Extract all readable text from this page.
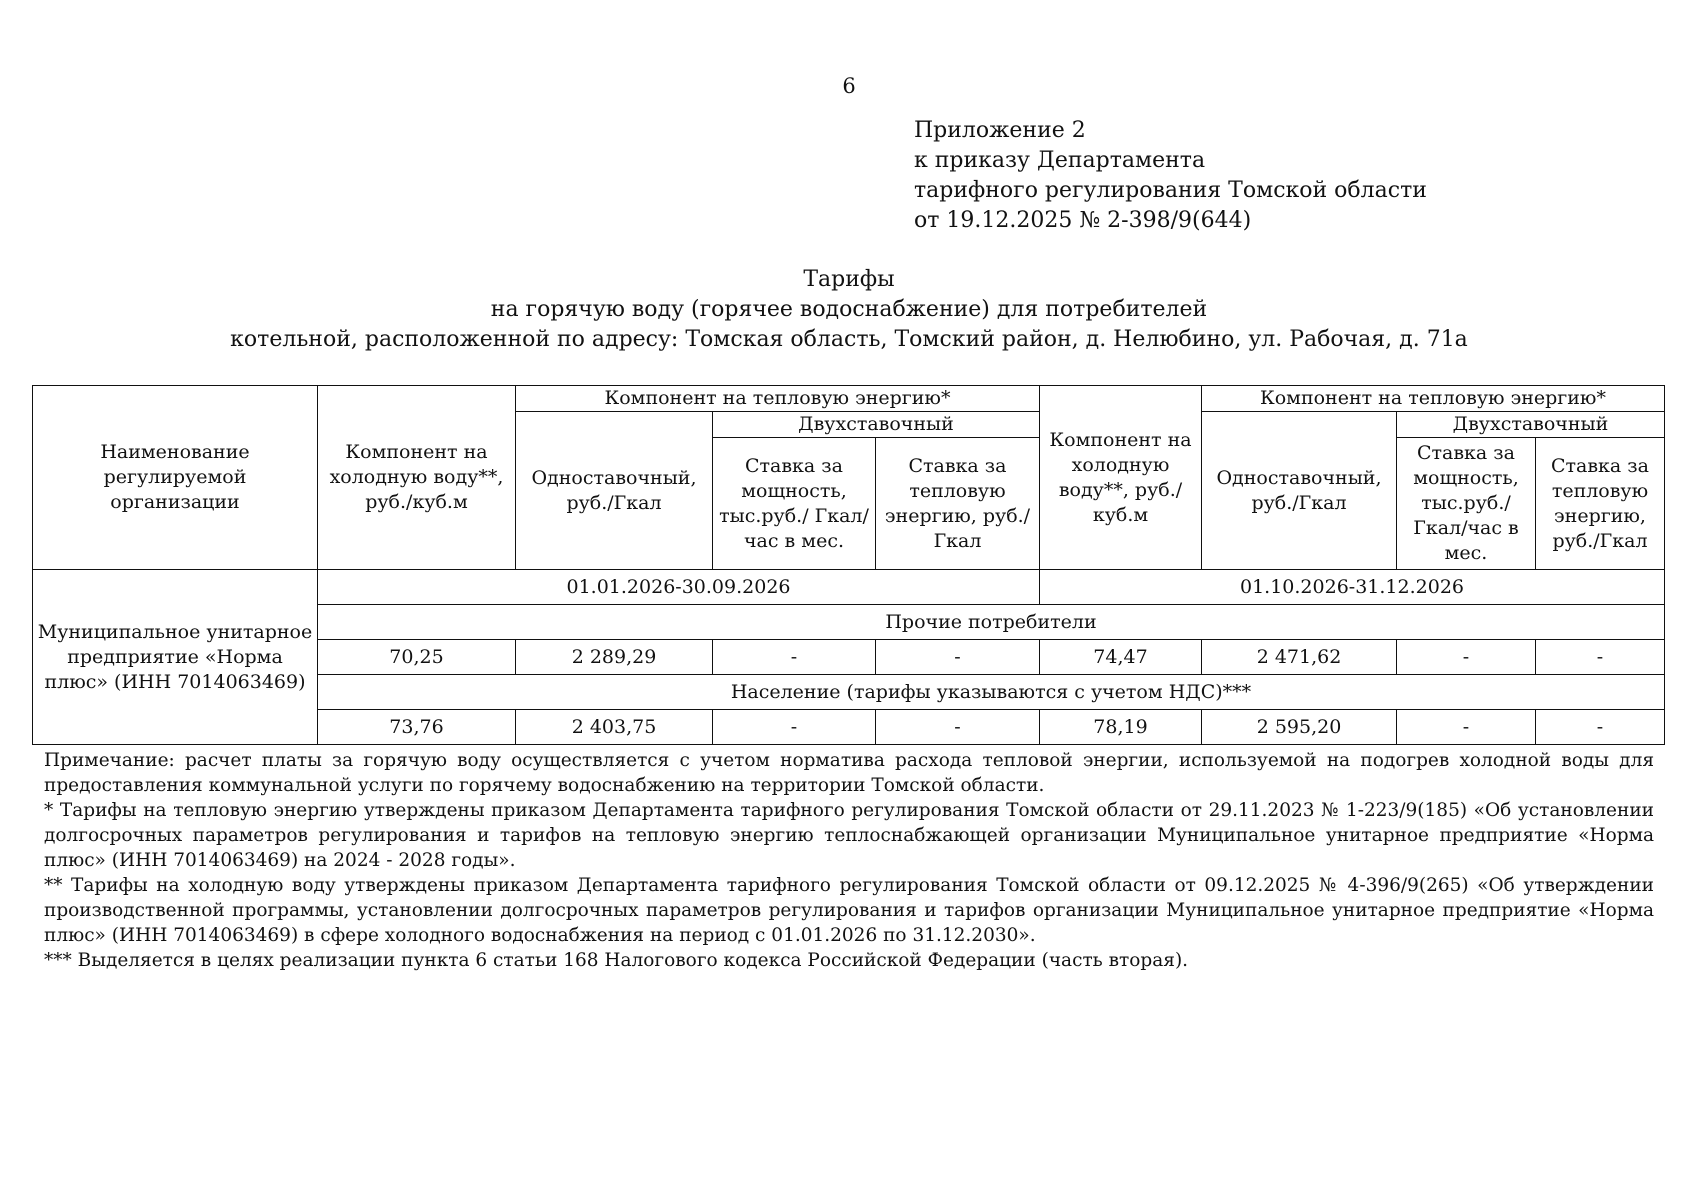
6
Приложение 2
к приказу Департамента
тарифного регулирования Томской области
от 19.12.2025 № 2-398/9(644)
Тарифы
на горячую воду (горячее водоснабжение) для потребителей
котельной, расположенной по адресу: Томская область, Томский район, д. Нелюбино, ул. Рабочая, д. 71а
Наименование регулируемой организации	Компонент на холодную воду**, руб./куб.м	Компонент на тепловую энергию*			Компонент на холодную воду**, руб./куб.м	Компонент на тепловую энергию*		
		Одноставочный, руб./Гкал	Двухставочный			Одноставочный, руб./Гкал	Двухставочный	
			Ставка за мощность, тыс.руб./ Гкал/час в мес.	Ставка за тепловую энергию, руб./Гкал			Ставка за мощность, тыс.руб./ Гкал/час в мес.	Ставка за тепловую энергию, руб./Гкал
Муниципальное унитарное предприятие «Норма плюс» (ИНН 7014063469)	01.01.2026-30.09.2026				01.10.2026-31.12.2026			
	Прочие потребители							
	70,25	2 289,29	-	-	74,47	2 471,62	-	-
	Население (тарифы указываются с учетом НДС)***							
	73,76	2 403,75	-	-	78,19	2 595,20	-	-

Примечание: расчет платы за горячую воду осуществляется с учетом норматива расхода тепловой энергии, используемой на подогрев холодной воды для предоставления коммунальной услуги по горячему водоснабжению на территории Томской области.

* Тарифы на тепловую энергию утверждены приказом Департамента тарифного регулирования Томской области от 29.11.2023 № 1-223/9(185) «Об установлении долгосрочных параметров регулирования и тарифов на тепловую энергию теплоснабжающей организации Муниципальное унитарное предприятие «Норма плюс» (ИНН 7014063469) на 2024 - 2028 годы».

** Тарифы на холодную воду утверждены приказом Департамента тарифного регулирования Томской области от 09.12.2025 № 4-396/9(265) «Об утверждении производственной программы, установлении долгосрочных параметров регулирования и тарифов организации Муниципальное унитарное предприятие «Норма плюс» (ИНН 7014063469) в сфере холодного водоснабжения на период с 01.01.2026 по 31.12.2030».

*** Выделяется в целях реализации пункта 6 статьи 168 Налогового кодекса Российской Федерации (часть вторая).
